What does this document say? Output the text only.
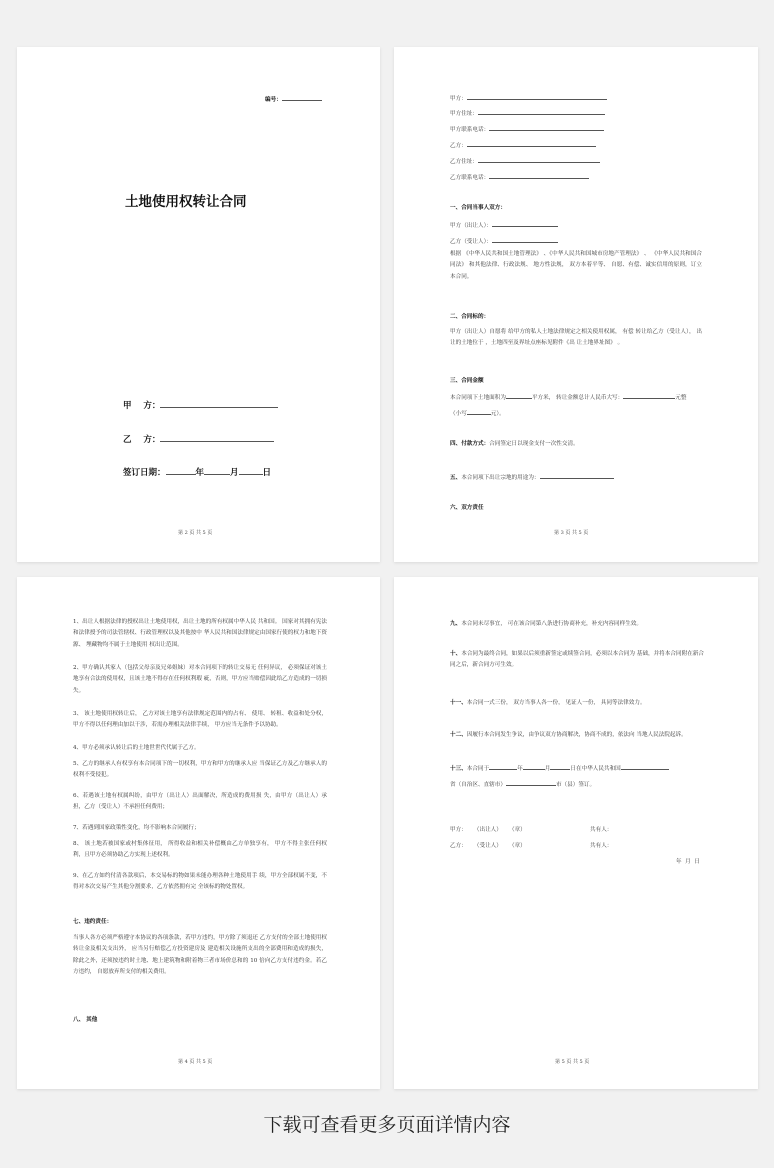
编号：
土地使用权转让合同
甲    方：
乙    方：
签订日期：	年	月	日
第 2 页 共 5 页
甲方：
甲方住址：
甲方联系电话：
乙方：
乙方住址：
乙方联系电话：
一、合同当事人双方：
甲方（出让人）：
乙方（受让人）：
根据 《中华人民共和国土地管理法》 、《中华人民共和国城市房地产管理法》 、 《中华人民共和国合同法》 和其他法律、行政法规、 地方性法规， 双方本着平等、 自愿、有偿、诚实信用的原则，订立本合同。
二、合同标的：
甲方（出让人）自愿将 给甲方的私人土地法律规定之相关使用权属， 有偿 转让给乙方（受让人）， 出让的土地位于 ，土地四至及界址点座标见附件《出 让土地界址图》 。
三、合同金额
本合同项下土地面积为	平方米， 转让金额总计人民币大写：	元整
（小写	元）。
四、付款方式：合同签定日以现金支付一次性交清。
五、本合同项下出让宗地的用途为：
六、双方责任
第 3 页 共 5 页
1、出让人根据法律的授权出让土地使用权，出让土地的所有权属中华人民 共和国。 国家对其拥有宪法和法律授予的司法管辖权、行政管理权以及其他按中 华人民共和国法律规定由国家行使的权力和地下资源、 埋藏物均不属于土地使用 权出让范围。
2、甲方确认其家人（包括父母亲及兄弟姐妹）对本合同项下的转让交易无 任何异议， 必须保证对该土地享有合法的使用权，且该土地不得存在任何权利瑕 疵，否则，甲方应当赔偿因此给乙方造成的一切损失。
3、 该土地使用权转让后， 乙方对该土地享有法律规定范围内的占有、 使用、 转租、收益和处分权，甲方不得以任何理由加以干涉，若需办理相关法律手续， 甲方应当无条件予以协助。
4、甲方必须承认转让后的土地世世代代属于乙方。
5、乙方的继承人有权享有本合同项下的一切权利，甲方和甲方的继承人应 当保证乙方及乙方继承人的权利不受侵犯。
6、若遇该土地有权属纠纷，由甲方（出让人）出面解决，所造成的费用损 失，由甲方（出让人）承担，乙方（受让人）不承担任何费用；
7、若遇到国家政策性变化，均不影响本合同履行；
8、 该土地若被国家或村集体征用， 所得收益和相关补偿概由乙方单独享有， 甲方不得主张任何权利，且甲方必须协助乙方实现上述权利。
9、在乙方如约付清各款项后，本交易标的物如果未能办理各种土地使用手 续，甲方全部权属不变，不得对本次交易产生其他分割要求，乙方依然拥有完 全该标的物处置权。
七、违约责任：
当事人各方必须严格遵守本协议的各项条款，若甲方违约，甲方除了须退还 乙方支付的全部土地使用权转让金及相关支出外， 应当另行赔偿乙方投资建房及 建造相关设施所支出的全部费用和造成的损失，除此之外，还须按违约时土地、地上建筑物和附着物三者市场价总和的 10 倍向乙方支付违约金。若乙方违约， 自愿放弃所支付的相关费用。
八、 其他
第 4 页 共 5 页
九、本合同未尽事宜， 可在该合同第八条进行协商补充，补充内容同样生效。
十、本合同为最终合同，如果以后须重新签定或续签合同，必须以本合同为 基础，并将本合同附在新合同之后，新合同方可生效。
十一、本合同一式三份， 双方当事人各一份， 见证人一份， 具同等法律效力。
十二、因履行本合同发生争议，由争议双方协商解决，协商不成的，依法向 当地人民法院起诉。
十三、本合同于	年	月	日在中华人民共和国
省（自治区、直辖市）	市（县）签订。
甲方：    （出让人）    （章）	共有人：
乙方：    （受让人）    （章）	共有人：
年  月  日
第 5 页 共 5 页
下载可查看更多页面详情内容
